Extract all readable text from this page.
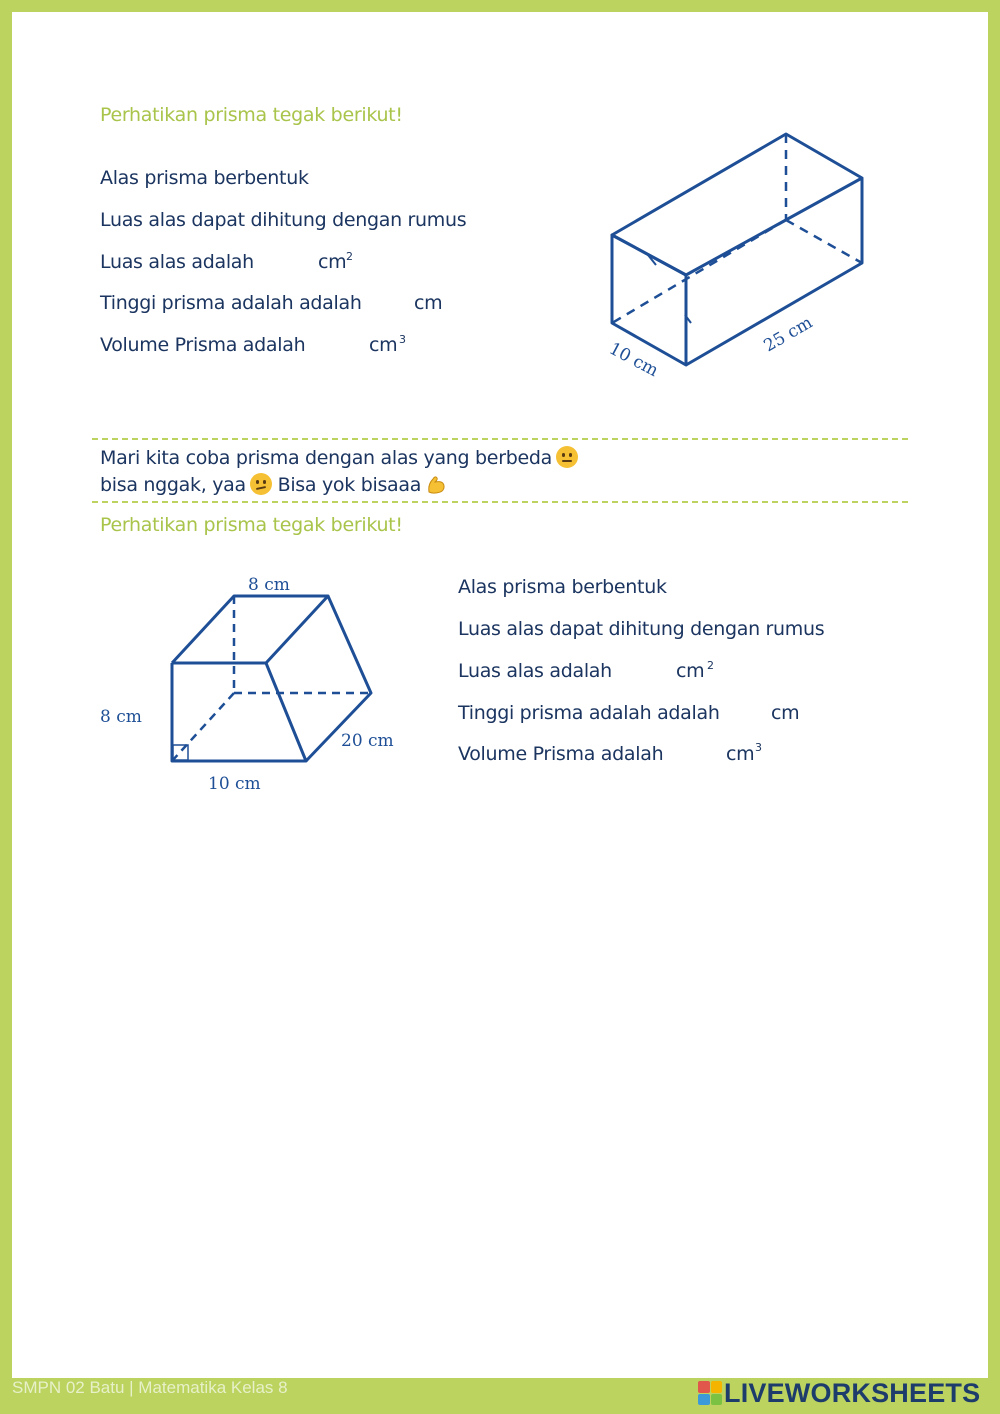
Perhatikan prisma tegak berikut!
Alas prisma berbentuk
Luas alas dapat dihitung dengan rumus
Luas alas adalah	cm 2
Tinggi prisma adalah adalah	cm
Volume Prisma adalah	cm 3	10 cm
25 cm
Mari kita coba prisma dengan alas yang berbeda
bisa nggak, yaa Bisa yok bisaaa
Perhatikan prisma tegak berikut!
8 cm
8 cm
10 cm
20 cm
Alas prisma berbentuk
Luas alas dapat dihitung dengan rumus
Luas alas adalah	cm 2
Tinggi prisma adalah adalah	cm
Volume Prisma adalah	cm 3
SMPN 02 Batu | Matematika Kelas 8	LIVEWORKSHEETS
